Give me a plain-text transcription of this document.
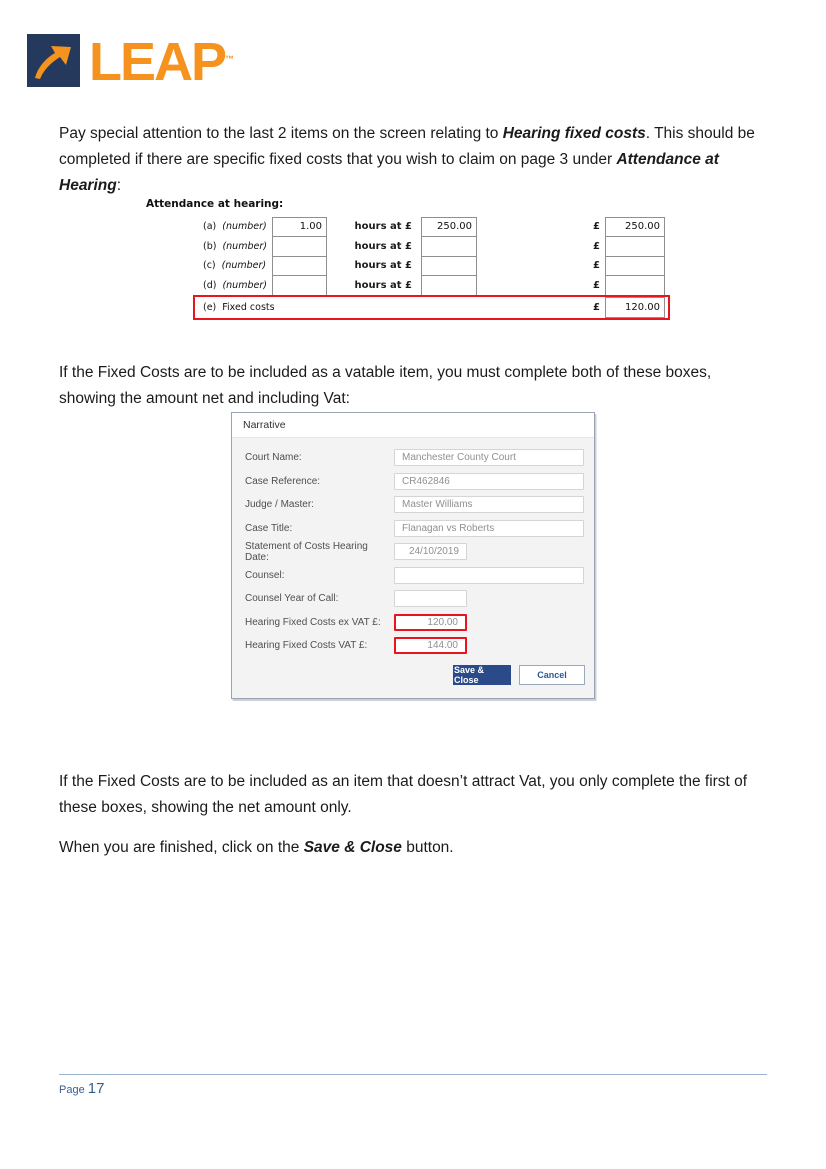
LEAP™

Pay special attention to the last 2 items on the screen relating to Hearing fixed costs. This should be completed if there are specific fixed costs that you wish to claim on page 3 under Attendance at Hearing:

If the Fixed Costs are to be included as a vatable item, you must complete both of these boxes, showing the amount net and including Vat:

If the Fixed Costs are to be included as an item that doesn’t attract Vat, you only complete the first of these boxes, showing the net amount only.

When you are finished, click on the Save & Close button.

Attendance at hearing:
(a) (number)	1.00	hours at £	250.00	£	250.00
(b) (number)	hours at £	£
(c) (number)	hours at £	£
(d) (number)	hours at £	£
(e) Fixed costs	£	120.00
Narrative
Court Name:	Manchester County Court
Case Reference:	CR462846
Judge / Master:	Master Williams
Case Title:	Flanagan vs Roberts
Statement of Costs Hearing Date:	24/10/2019
Counsel:
Counsel Year of Call:
Hearing Fixed Costs ex VAT £:	120.00
Hearing Fixed Costs VAT £:	144.00
Save & Close	Cancel
Page 17
